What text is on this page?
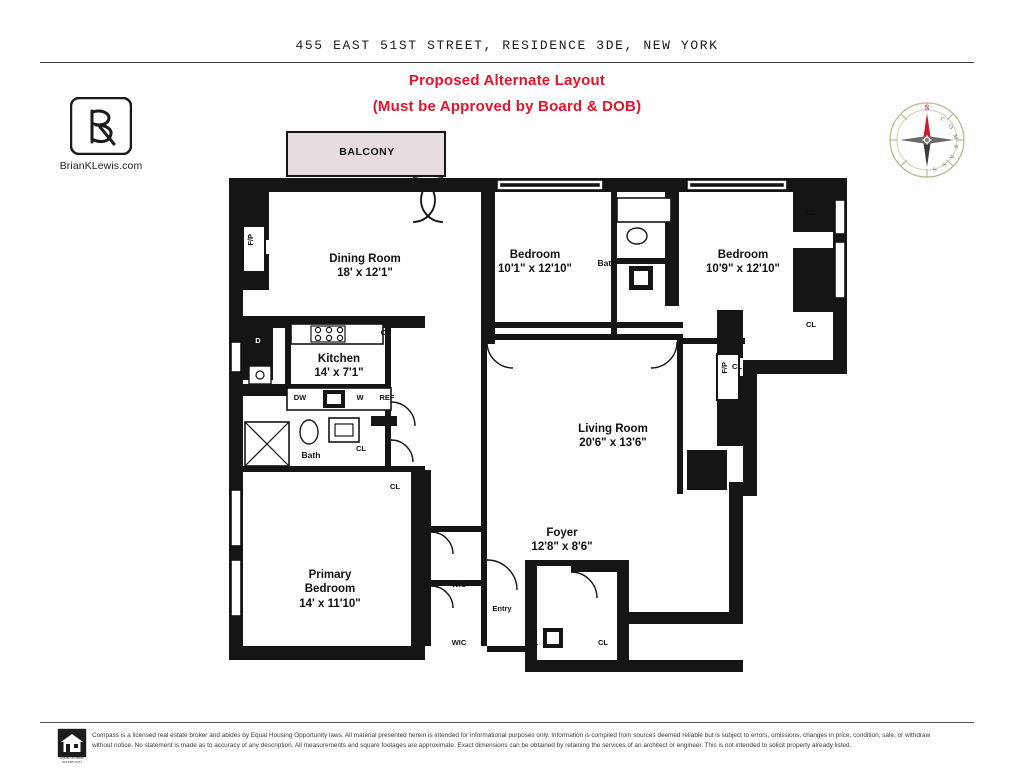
455 EAST 51ST STREET, RESIDENCE 3DE, NEW YORK
Proposed Alternate Layout
(Must be Approved by Board & DOB)
BrianKLewis.com
N
C
O
M
P
A
S
S
BALCONY
Dining Room
18' x 12'1"
Bedroom
10'1" x 12'10"
Bedroom
10'9" x 12'10"
Kitchen
14' x 7'1"
Living Room
20'6" x 13'6"
Foyer
12'8" x 8'6"
Primary
Bedroom
14' x 11'10"
Bath
Bath
CL
CL
CL
CL
CL
CL	CL
WIC
WIC
F/P
F/P
Entry
OV
DW	W	REF
D
EQUAL HOUSING OPPORTUNITY
Compass is a licensed real estate broker and abides by Equal Housing Opportunity laws. All material presented herein is intended for informational purposes only. Information is compiled from sources deemed reliable but is subject to errors, omissions, changes in price, condition, sale, or withdraw without notice. No statement is made as to accuracy of any description. All measurements and square footages are approximate. Exact dimensions can be obtained by retaining the services of an architect or engineer. This is not intended to solicit property already listed.
